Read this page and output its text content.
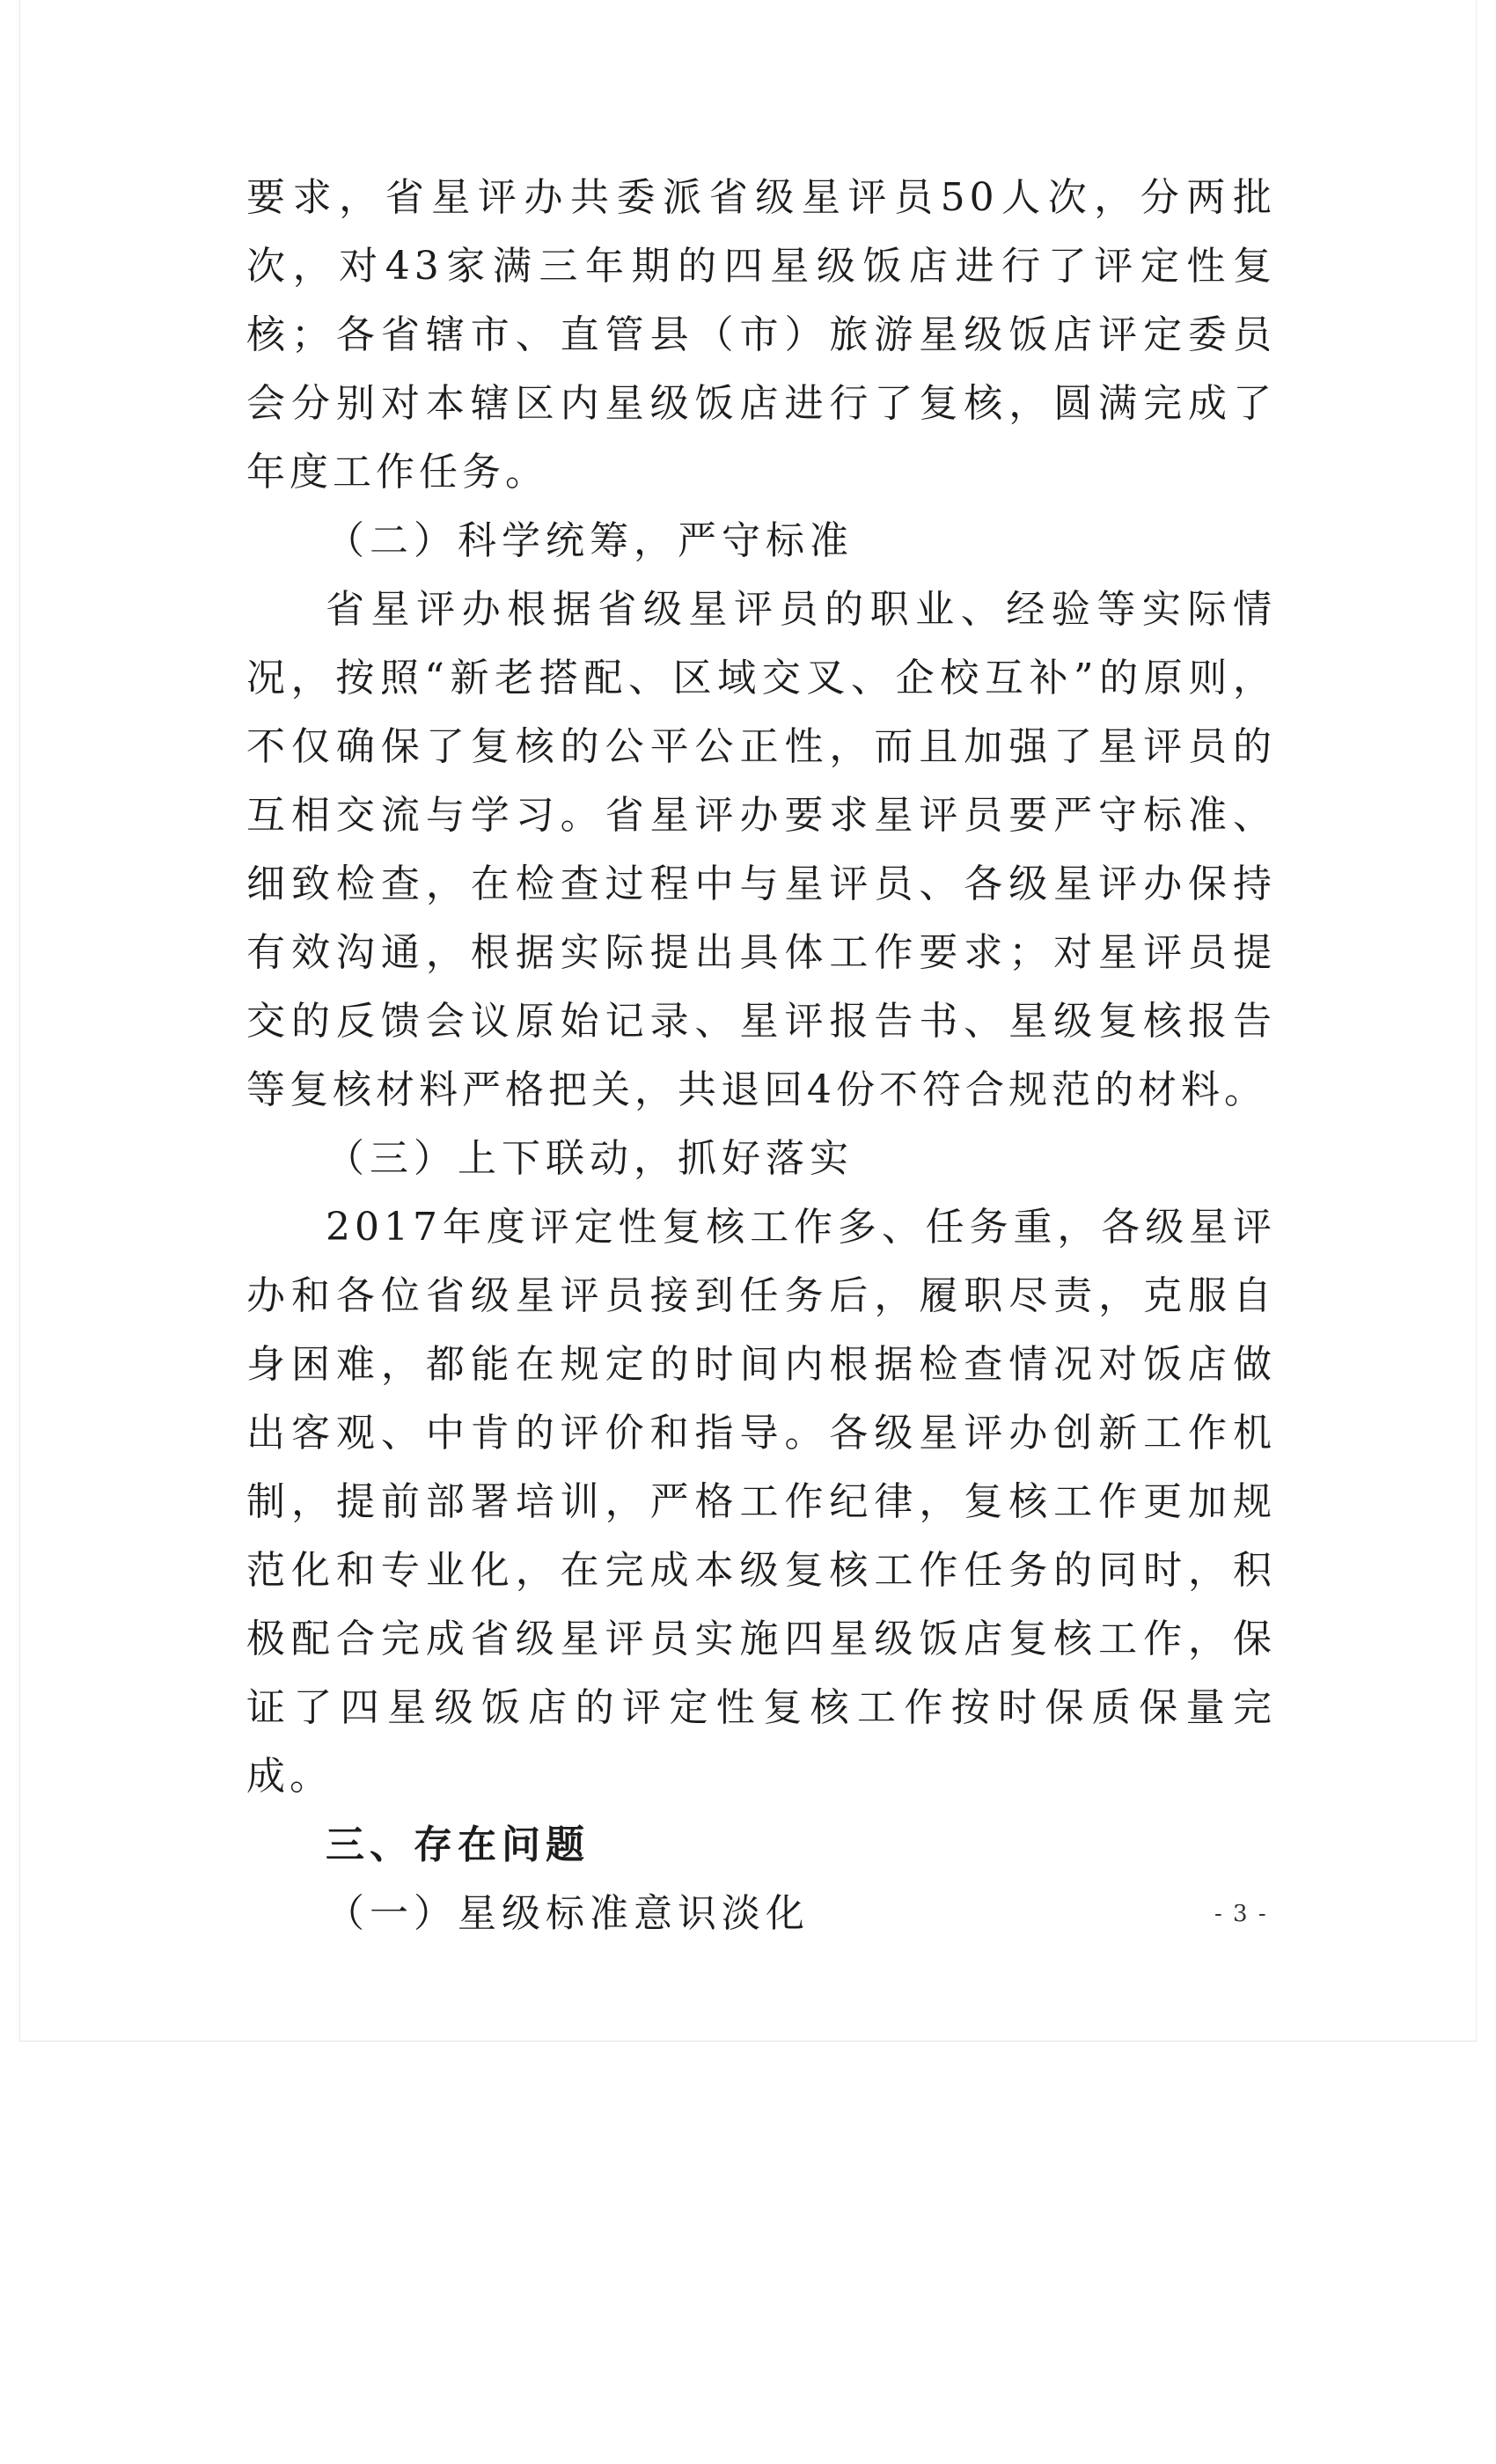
要求，省星评办共委派省级星评员50人次，分两批次，对43家满三年期的四星级饭店进行了评定性复核；各省辖市、直管县（市）旅游星级饭店评定委员会分别对本辖区内星级饭店进行了复核，圆满完成了年度工作任务。

（二）科学统筹，严守标准

省星评办根据省级星评员的职业、经验等实际情况，按照“新老搭配、区域交叉、企校互补”的原则，不仅确保了复核的公平公正性，而且加强了星评员的互相交流与学习。省星评办要求星评员要严守标准、细致检查，在检查过程中与星评员、各级星评办保持有效沟通，根据实际提出具体工作要求；对星评员提交的反馈会议原始记录、星评报告书、星级复核报告等复核材料严格把关，共退回4份不符合规范的材料。

（三）上下联动，抓好落实

2017年度评定性复核工作多、任务重，各级星评办和各位省级星评员接到任务后，履职尽责，克服自身困难，都能在规定的时间内根据检查情况对饭店做出客观、中肯的评价和指导。各级星评办创新工作机制，提前部署培训，严格工作纪律，复核工作更加规范化和专业化，在完成本级复核工作任务的同时，积极配合完成省级星评员实施四星级饭店复核工作，保证了四星级饭店的评定性复核工作按时保质保量完成。

三、存在问题

（一）星级标准意识淡化	- 3 -
